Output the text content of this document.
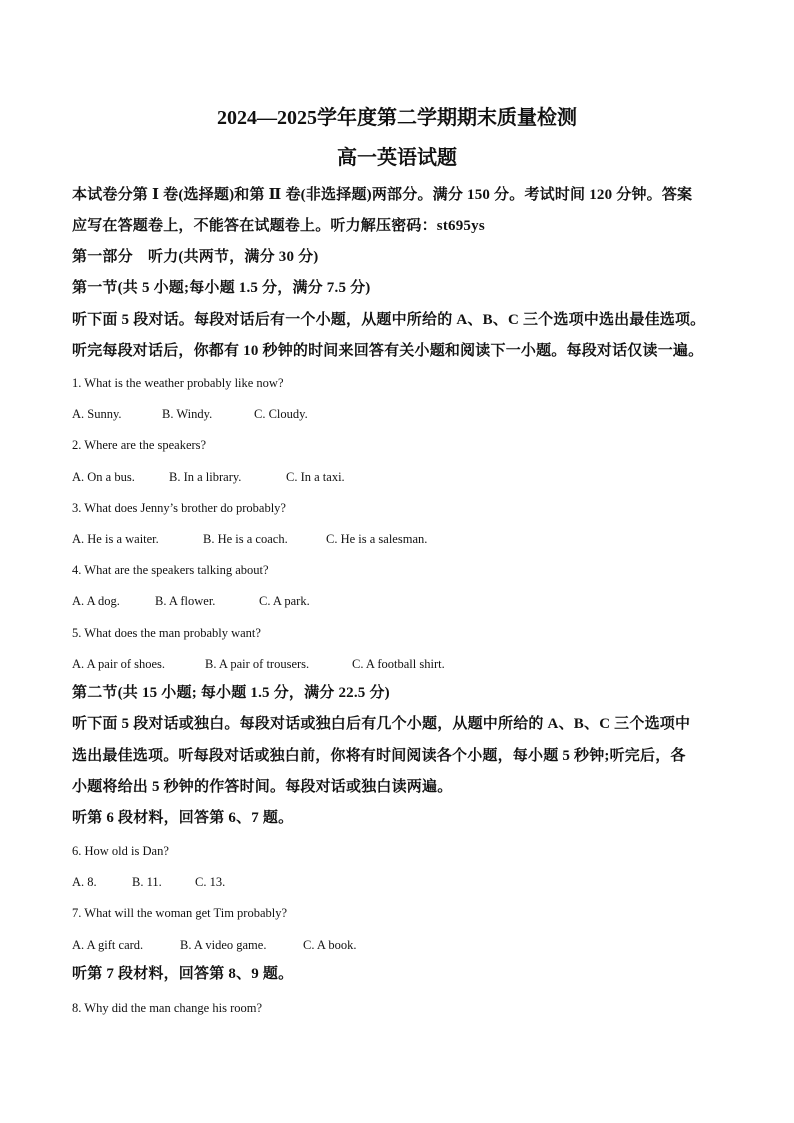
2024—2025学年度第二学期期末质量检测
高一英语试题
本试卷分第 Ⅰ 卷(选择题)和第 Ⅱ 卷(非选择题)两部分。满分 150 分。考试时间 120 分钟。答案
应写在答题卷上，不能答在试题卷上。听力解压密码：st695ys
第一部分　听力(共两节，满分 30 分)
第一节(共 5 小题;每小题 1.5 分，满分 7.5 分)
听下面 5 段对话。每段对话后有一个小题，从题中所给的 A、B、C 三个选项中选出最佳选项。
听完每段对话后，你都有 10 秒钟的时间来回答有关小题和阅读下一小题。每段对话仅读一遍。
1. What is the weather probably like now?
A. Sunny.	B. Windy.	C. Cloudy.
2. Where are the speakers?
A. On a bus.	B. In a library.	C. In a taxi.
3. What does Jenny’s brother do probably?
A. He is a waiter.	B. He is a coach.	C. He is a salesman.
4. What are the speakers talking about?
A. A dog.	B. A flower.	C. A park.
5. What does the man probably want?
A. A pair of shoes.	B. A pair of trousers.	C. A football shirt.
第二节(共 15 小题; 每小题 1.5 分，满分 22.5 分)
听下面 5 段对话或独白。每段对话或独白后有几个小题，从题中所给的 A、B、C 三个选项中
选出最佳选项。听每段对话或独白前，你将有时间阅读各个小题，每小题 5 秒钟;听完后，各
小题将给出 5 秒钟的作答时间。每段对话或独白读两遍。
听第 6 段材料，回答第 6、7 题。
6. How old is Dan?
A. 8.	B. 11.	C. 13.
7. What will the woman get Tim probably?
A. A gift card.	B. A video game.	C. A book.
听第 7 段材料，回答第 8、9 题。
8. Why did the man change his room?
